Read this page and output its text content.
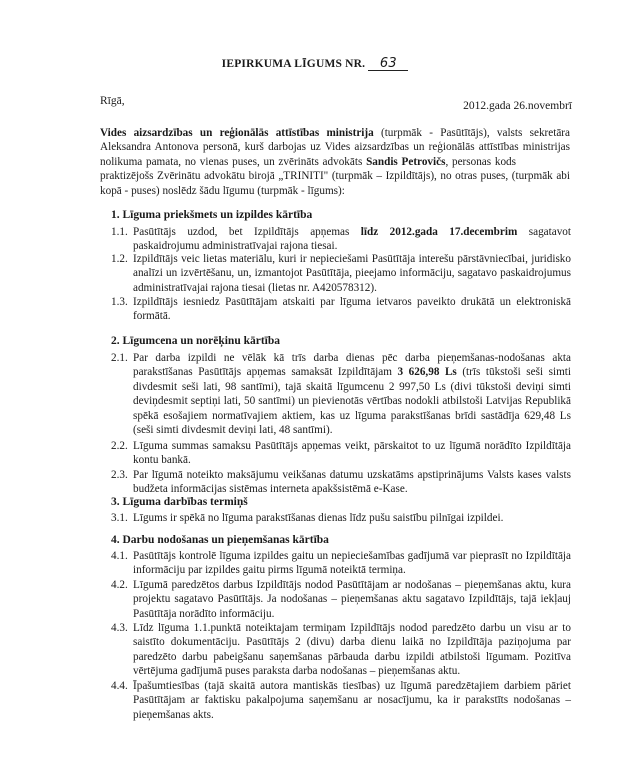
IEPIRKUMA LĪGUMS NR. 63
Rīgā,	2012.gada 26.novembrī
Vides aizsardzības un reģionālās attīstības ministrija (turpmāk - Pasūtītājs), valsts sekretāra Aleksandra Antonova personā, kurš darbojas uz Vides aizsardzības un reģionālās attīstības ministrijas nolikuma pamata, no vienas puses, un zvērināts advokāts Sandis Petrovičs, personas kodspraktizējošs Zvērinātu advokātu birojā „TRINITI" (turpmāk – Izpildītājs), no otras puses, (turpmāk abi kopā - puses) noslēdz šādu līgumu (turpmāk - līgums):
1. Līguma priekšmets un izpildes kārtība
1.1. Pasūtītājs uzdod, bet Izpildītājs apņemas līdz 2012.gada 17.decembrim sagatavot paskaidrojumu administratīvajai rajona tiesai.
1.2. Izpildītājs veic lietas materiālu, kuri ir nepieciešami Pasūtītāja interešu pārstāvniecībai, juridisko analīzi un izvērtēšanu, un, izmantojot Pasūtītāja, pieejamo informāciju, sagatavo paskaidrojumus administratīvajai rajona tiesai (lietas nr. A420578312).
1.3. Izpildītājs iesniedz Pasūtītājam atskaiti par līguma ietvaros paveikto drukātā un elektroniskā formātā.
2. Līgumcena un norēķinu kārtība
2.1. Par darba izpildi ne vēlāk kā trīs darba dienas pēc darba pieņemšanas-nodošanas akta parakstīšanas Pasūtītājs apņemas samaksāt Izpildītājam 3 626,98 Ls (trīs tūkstoši seši simti divdesmit seši lati, 98 santīmi), tajā skaitā līgumcenu 2 997,50 Ls (divi tūkstoši deviņi simti deviņdesmit septiņi lati, 50 santīmi) un pievienotās vērtības nodokli atbilstoši Latvijas Republikā spēkā esošajiem normatīvajiem aktiem, kas uz līguma parakstīšanas brīdi sastādīja 629,48 Ls (seši simti divdesmit deviņi lati, 48 santīmi).
2.2. Līguma summas samaksu Pasūtītājs apņemas veikt, pārskaitot to uz līgumā norādīto Izpildītāja kontu bankā.
2.3. Par līgumā noteikto maksājumu veikšanas datumu uzskatāms apstiprinājums Valsts kases valsts budžeta informācijas sistēmas interneta apakšsistēmā e-Kase.
3. Līguma darbības termiņš
3.1. Līgums ir spēkā no līguma parakstīšanas dienas līdz pušu saistību pilnīgai izpildei.
4. Darbu nodošanas un pieņemšanas kārtība
4.1. Pasūtītājs kontrolē līguma izpildes gaitu un nepieciešamības gadījumā var pieprasīt no Izpildītāja informāciju par izpildes gaitu pirms līgumā noteiktā termiņa.
4.2. Līgumā paredzētos darbus Izpildītājs nodod Pasūtītājam ar nodošanas – pieņemšanas aktu, kura projektu sagatavo Pasūtītājs. Ja nodošanas – pieņemšanas aktu sagatavo Izpildītājs, tajā iekļauj Pasūtītāja norādīto informāciju.
4.3. Līdz līguma 1.1.punktā noteiktajam termiņam Izpildītājs nodod paredzēto darbu un visu ar to saistīto dokumentāciju. Pasūtītājs 2 (divu) darba dienu laikā no Izpildītāja paziņojuma par paredzēto darbu pabeigšanu saņemšanas pārbauda darbu izpildi atbilstoši līgumam. Pozitīva vērtējuma gadījumā puses paraksta darba nodošanas – pieņemšanas aktu.
4.4. Īpašumtiesības (tajā skaitā autora mantiskās tiesības) uz līgumā paredzētajiem darbiem pāriet Pasūtītājam ar faktisku pakalpojuma saņemšanu ar nosacījumu, ka ir parakstīts nodošanas – pieņemšanas akts.
